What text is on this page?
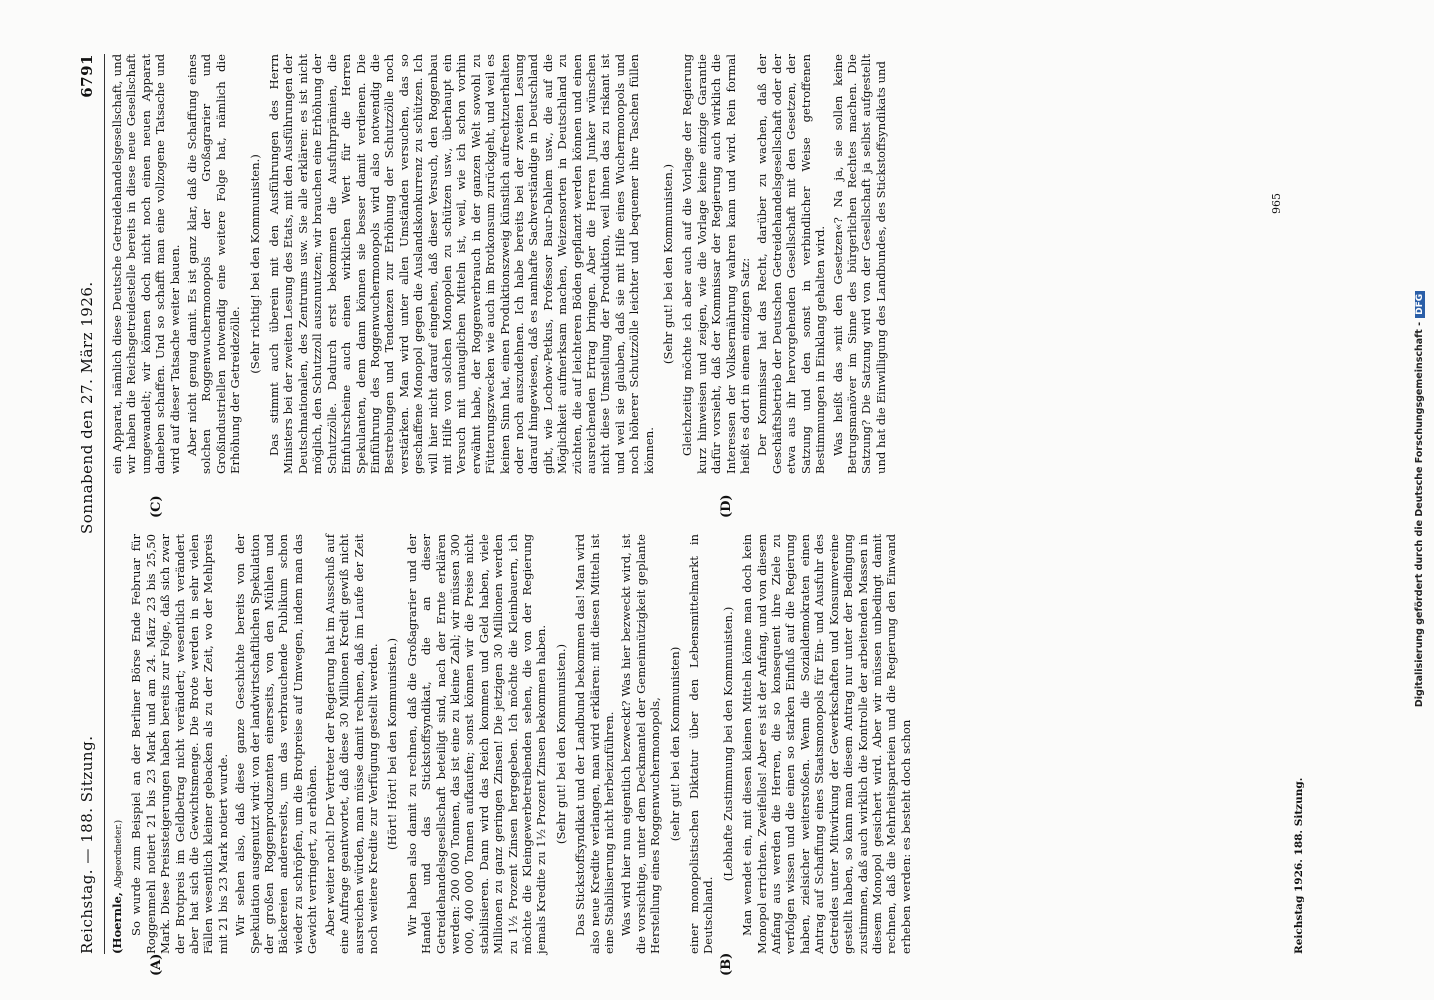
Reichstag. — 188. Sitzung.
Sonnabend den 27. März 1926.
6791
(A)	(B)
(C)	(D)

(Hoernle, Abgeordneter.) So wurde zum Beispiel an der Berliner Börse Ende Februar für Roggenmehl notiert 21 bis 23 Mark und am 24. März 23 bis 25,50 Mark. Diese Preissteigerungen haben bereits zur Folge, daß sich zwar der Brotpreis im Geldbetrag nicht verändert; wesentlich verändert aber hat sich die Gewichtsmenge. Die Brote werden in sehr vielen Fällen wesentlich kleiner gebacken als zu der Zeit, wo der Mehlpreis mit 21 bis 23 Mark notiert wurde. Wir sehen also, daß diese ganze Geschichte bereits von der Spekulation ausgenutzt wird: von der landwirtschaftlichen Spekulation der großen Roggenproduzenten einerseits, von den Mühlen und Bäckereien andererseits, um das verbrauchende Publikum schon wieder zu schröpfen, um die Brotpreise auf Umwegen, indem man das Gewicht verringert, zu erhöhen. Aber weiter noch! Der Vertreter der Regierung hat im Ausschuß auf eine Anfrage geantwortet, daß diese 30 Millionen Kredit gewiß nicht ausreichen würden, man müsse damit rechnen, daß im Laufe der Zeit noch weitere Kredite zur Verfügung gestellt werden. (Hört! Hört! bei den Kommunisten.) Wir haben also damit zu rechnen, daß die Großagrarier und der Handel und das Stickstoffsyndikat, die an dieser Getreidehandelsgesellschaft beteiligt sind, nach der Ernte erklären werden: 200 000 Tonnen, das ist eine zu kleine Zahl; wir müssen 300 000, 400 000 Tonnen aufkaufen; sonst können wir die Preise nicht stabilisieren. Dann wird das Reich kommen und Geld haben, viele Millionen zu ganz geringen Zinsen! Die jetzigen 30 Millionen werden zu 1½ Prozent Zinsen hergegeben. Ich möchte die Kleinbauern, ich möchte die Kleingewerbetreibenden sehen, die von der Regierung jemals Kredite zu 1½ Prozent Zinsen bekommen haben. (Sehr gut! bei den Kommunisten.) Das Stickstoffsyndikat und der Landbund bekommen das! Man wird also neue Kredite verlangen, man wird erklären: mit diesen Mitteln ist eine Stabilisierung nicht herbeizuführen. Was wird hier nun eigentlich bezweckt? Was hier bezweckt wird, ist die vorsichtige, unter dem Deckmantel der Gemeinnützigkeit geplante Herstellung eines Roggenwuchermonopols, (sehr gut! bei den Kommunisten) einer monopolistischen Diktatur über den Lebensmittelmarkt in Deutschland.

(Lebhafte Zustimmung bei den Kommunisten.) Man wendet ein, mit diesen kleinen Mitteln könne man doch kein Monopol errichten. Zweifellos! Aber es ist der Anfang, und von diesem Anfang aus werden die Herren, die so konsequent ihre Ziele zu verfolgen wissen und die einen so starken Einfluß auf die Regierung haben, zielsicher weiterstoßen. Wenn die Sozialdemokraten einen Antrag auf Schaffung eines Staatsmonopols für Ein- und Ausfuhr des Getreides unter Mitwirkung der Gewerkschaften und Konsumvereine gestellt haben, so kann man diesem Antrag nur unter der Bedingung zustimmen, daß auch wirklich die Kontrolle der arbeitenden Massen in diesem Monopol gesichert wird. Aber wir müssen unbedingt damit rechnen, daß die Mehrheitsparteien und die Regierung den Einwand erheben werden: es besteht doch schon

ein Apparat, nämlich diese Deutsche Getreidehandelsgesellschaft, und wir haben die Reichsgetreidestelle bereits in diese neue Gesellschaft umgewandelt; wir können doch nicht noch einen neuen Apparat daneben schaffen. Und so schafft man eine vollzogene Tatsache und wird auf dieser Tatsache weiter bauen. Aber nicht genug damit. Es ist ganz klar, daß die Schaffung eines solchen Roggenwuchermonopols der Großagrarier und Großindustriellen notwendig eine weitere Folge hat, nämlich die Erhöhung der Getreidezölle.

(Sehr richtig! bei den Kommunisten.) Das stimmt auch überein mit den Ausführungen des Herrn Ministers bei der zweiten Lesung des Etats, mit den Ausführungen der Deutschnationalen, des Zentrums usw. Sie alle erklären: es ist nicht möglich, den Schutzzoll auszunutzen; wir brauchen eine Erhöhung der Schutzzölle. Dadurch erst bekommen die Ausfuhrprämien, die Einfuhrscheine auch einen wirklichen Wert für die Herren Spekulanten, denn dann können sie besser damit verdienen. Die Einführung des Roggenwuchermonopols wird also notwendig die Bestrebungen und Tendenzen zur Erhöhung der Schutzzölle noch verstärken. Man wird unter allen Umständen versuchen, das so geschaffene Monopol gegen die Auslandskonkurrenz zu schützen. Ich will hier nicht darauf eingehen, daß dieser Versuch, den Roggenbau mit Hilfe von solchen Monopolen zu schützen usw., überhaupt ein Versuch mit untauglichen Mitteln ist, weil, wie ich schon vorhin erwähnt habe, der Roggenverbrauch in der ganzen Welt sowohl zu Fütterungszwecken wie auch im Brotkonsum zurückgeht, und weil es keinen Sinn hat, einen Produktionszweig künstlich aufrechtzuerhalten oder noch auszudehnen. Ich habe bereits bei der zweiten Lesung darauf hingewiesen, daß es namhafte Sachverständige in Deutschland gibt, wie Lochow-Petkus, Professor Baur-Dahlem usw., die auf die Möglichkeit aufmerksam machen, Weizensorten in Deutschland zu züchten, die auf leichteren Böden gepflanzt werden können und einen ausreichenden Ertrag bringen. Aber die Herren Junker wünschen nicht diese Umstellung der Produktion, weil ihnen das zu riskant ist und weil sie glauben, daß sie mit Hilfe eines Wuchermonopols und noch höherer Schutzzölle leichter und bequemer ihre Taschen füllen können.

(Sehr gut! bei den Kommunisten.) Gleichzeitig möchte ich aber auch auf die Vorlage der Regierung kurz hinweisen und zeigen, wie die Vorlage keine einzige Garantie dafür vorsieht, daß der Kommissar der Regierung auch wirklich die Interessen der Volksernährung wahren kann und wird. Rein formal heißt es dort in einem einzigen Satz: Der Kommissar hat das Recht, darüber zu wachen, daß der Geschäftsbetrieb der Deutschen Getreidehandelsgesellschaft oder der etwa aus ihr hervorgehenden Gesellschaft mit den Gesetzen, der Satzung und den sonst in verbindlicher Weise getroffenen Bestimmungen in Einklang gehalten wird. Was heißt das »mit den Gesetzen«? Na ja, sie sollen keine Betrugsmanöver im Sinne des bürgerlichen Rechtes machen. Die Satzung? Die Satzung wird von der Gesellschaft ja selbst aufgestellt und hat die Einwilligung des Landbundes, des Stickstoffsyndikats und

Reichstag 1926. 188. Sitzung.
965
Digitalisierung gefördert durch die Deutsche Forschungsgemeinschaft -DFG
